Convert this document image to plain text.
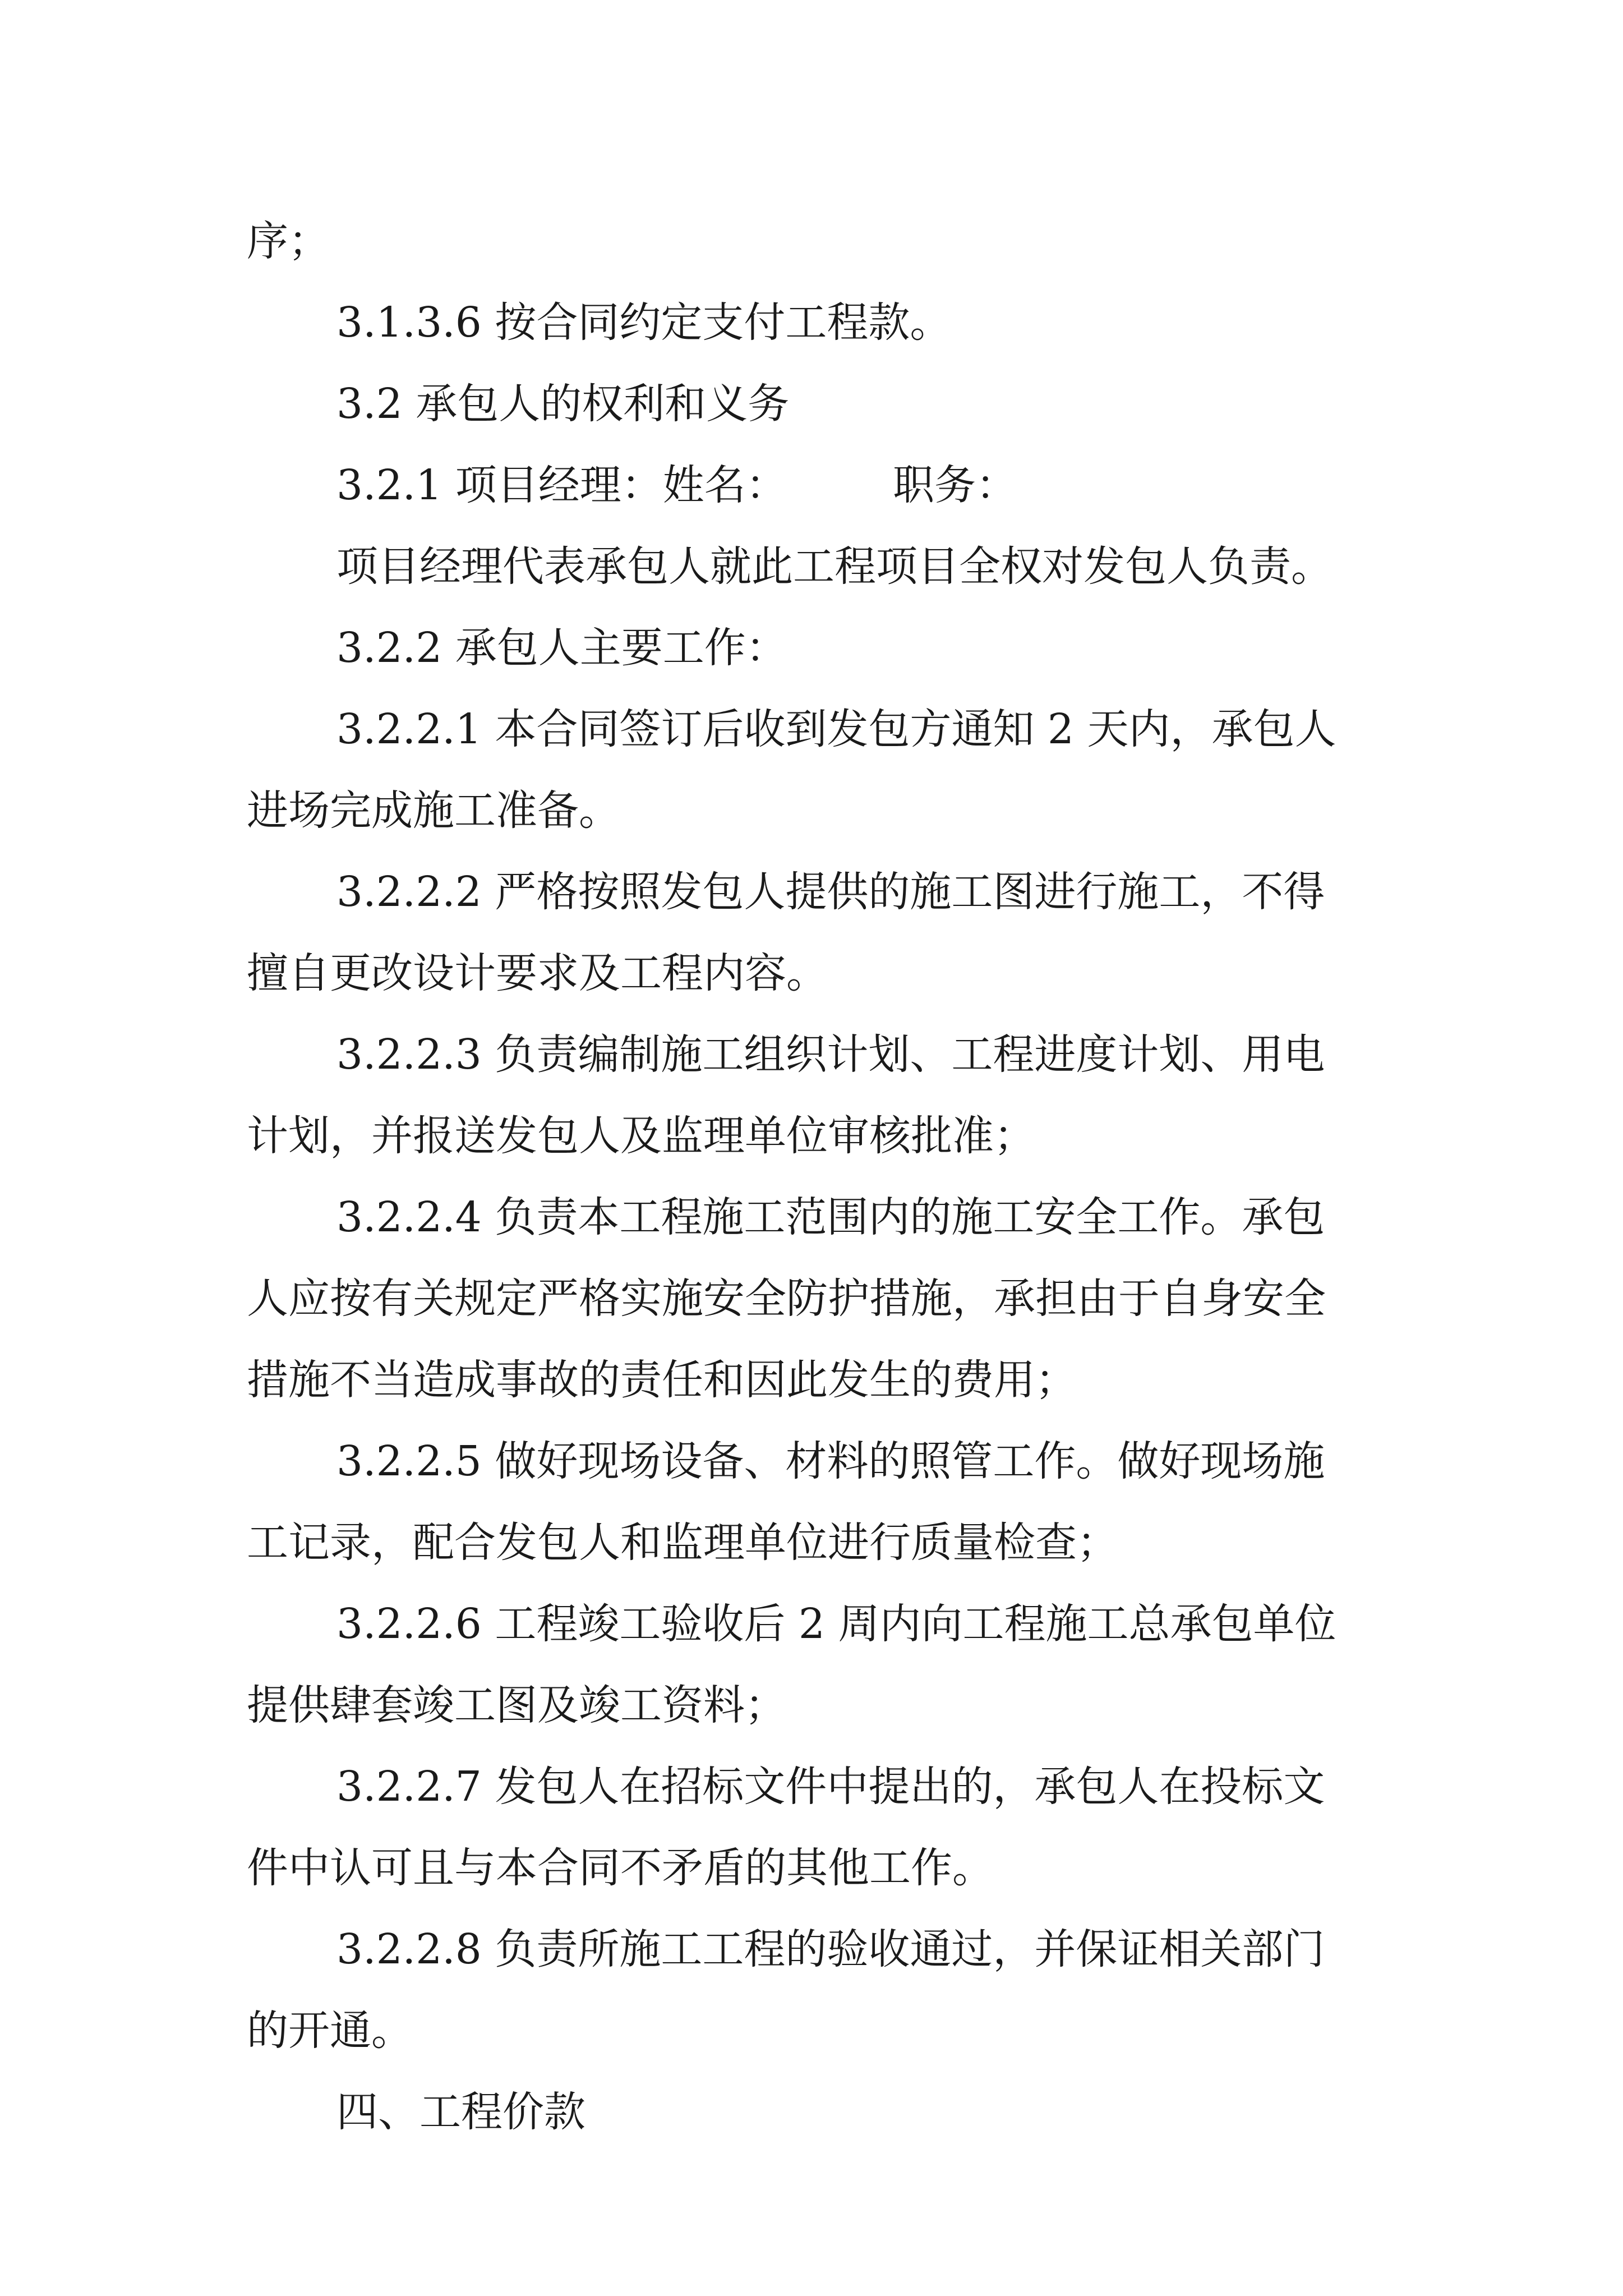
序；
3.1.3.6 按合同约定支付工程款。
3.2 承包人的权利和义务
3.2.1 项目经理：姓名：        职务：
项目经理代表承包人就此工程项目全权对发包人负责。
3.2.2 承包人主要工作：
3.2.2.1 本合同签订后收到发包方通知 2 天内，承包人
进场完成施工准备。
3.2.2.2 严格按照发包人提供的施工图进行施工，不得
擅自更改设计要求及工程内容。
3.2.2.3 负责编制施工组织计划、工程进度计划、用电
计划，并报送发包人及监理单位审核批准；
3.2.2.4 负责本工程施工范围内的施工安全工作。承包
人应按有关规定严格实施安全防护措施，承担由于自身安全
措施不当造成事故的责任和因此发生的费用；
3.2.2.5 做好现场设备、材料的照管工作。做好现场施
工记录，配合发包人和监理单位进行质量检查；
3.2.2.6 工程竣工验收后 2 周内向工程施工总承包单位
提供肆套竣工图及竣工资料；
3.2.2.7 发包人在招标文件中提出的，承包人在投标文
件中认可且与本合同不矛盾的其他工作。
3.2.2.8 负责所施工工程的验收通过，并保证相关部门
的开通。
四、工程价款
